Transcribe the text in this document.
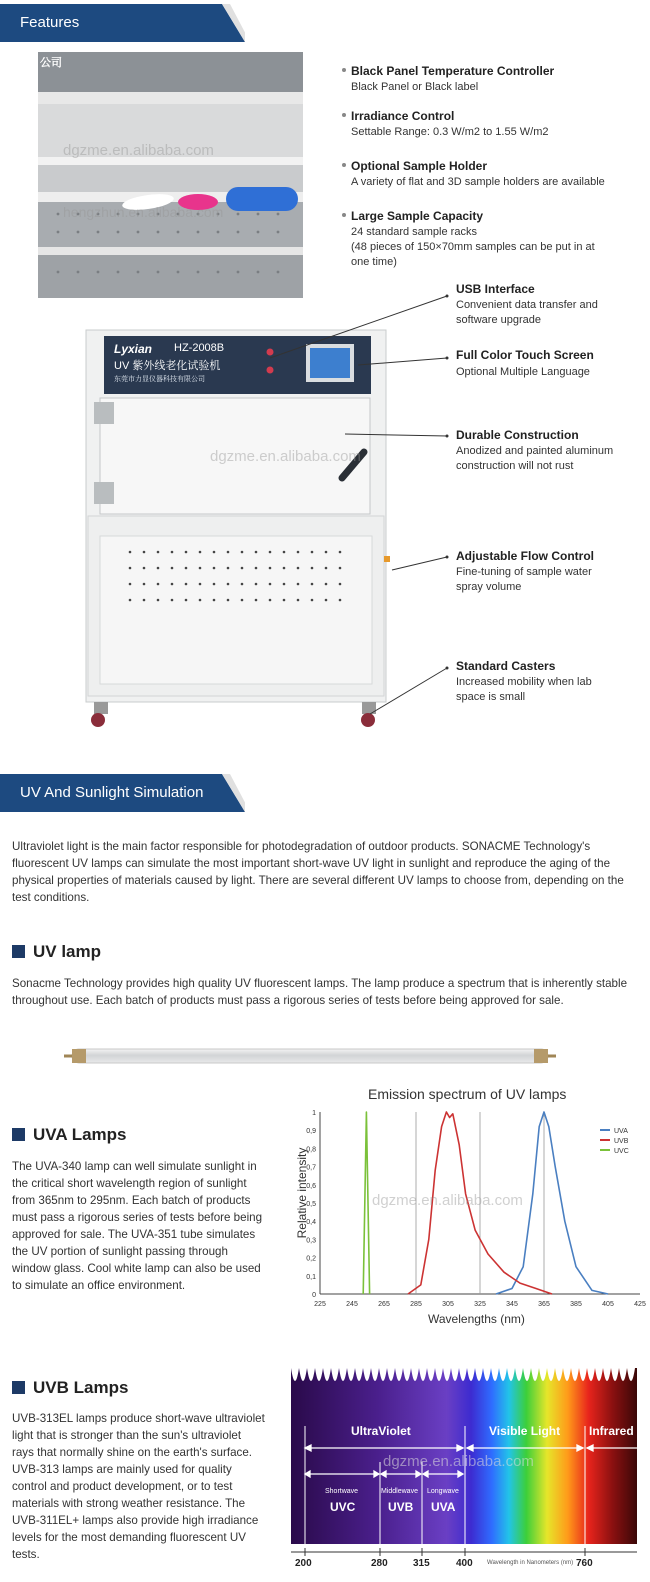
Features
公司
dgzme.en.alibaba.com
hengzhun.en.alibaba.com
Black Panel Temperature Controller
Black Panel or Black label
Irradiance Control
Settable Range: 0.3 W/m2 to 1.55 W/m2
Optional Sample Holder
A variety of flat and 3D sample holders are available
Large Sample Capacity
24 standard sample racks
(48 pieces of 150×70mm samples can be put in at
one time)
Lyxian HZ-2008B
UV 紫外线老化试验机
东莞市力显仪器科技有限公司
dgzme.en.alibaba.com
USB Interface
Convenient data transfer and
software upgrade
Full Color Touch Screen
Optional Multiple Language
Durable Construction
Anodized and painted aluminum
construction will not rust
Adjustable Flow Control
Fine-tuning of sample water
spray volume
Standard Casters
Increased mobility when lab
space is small
UV And Sunlight Simulation

Ultraviolet light is the main factor responsible for photodegradation of outdoor products. SONACME Technology's fluorescent UV lamps can simulate the most important short-wave UV light in sunlight and reproduce the aging of the physical properties of materials caused by light. There are several different UV lamps to choose from, depending on the test conditions.

UV lamp

Sonacme Technology provides high quality UV fluorescent lamps. The lamp produce a spectrum that is inherently stable throughout use. Each batch of products must pass a rigorous series of tests before being approved for sale.

UVA Lamps

The UVA-340 lamp can well simulate sunlight in the critical short wavelength region of sunlight from 365nm to 295nm. Each batch of products must pass a rigorous series of tests before being approved for sale. The UVA-351 tube simulates the UV portion of sunlight passing through window glass. Cool white lamp can also be used to simulate an office environment.

Emission spectrum of UV lamps
Relative intensity
Wavelengths (nm)
0
0,1
0,2
0,3
0,4
0,5
0,6
0,7
0,8
0,9
1
225	245	265	285	305	325	345	365	385	405	425
UVA
UVB
UVC
dgzme.en.alibaba.com
UVB Lamps

UVB-313EL lamps produce short-wave ultraviolet light that is stronger than the sun's ultraviolet rays that normally shine on the earth's surface. UVB-313 lamps are mainly used for quality control and product development, or to test materials with strong weather resistance. The UVB-311EL+ lamps also provide high irradiance levels for the most demanding fluorescent UV tests.

UltraViolet	Visible Light Infrared
Shortwave	Middlewave Longwave
UVC	UVB UVA
dgzme.en.alibaba.com
200	280	315	400 Wavelength in Nanometers (nm) 760
